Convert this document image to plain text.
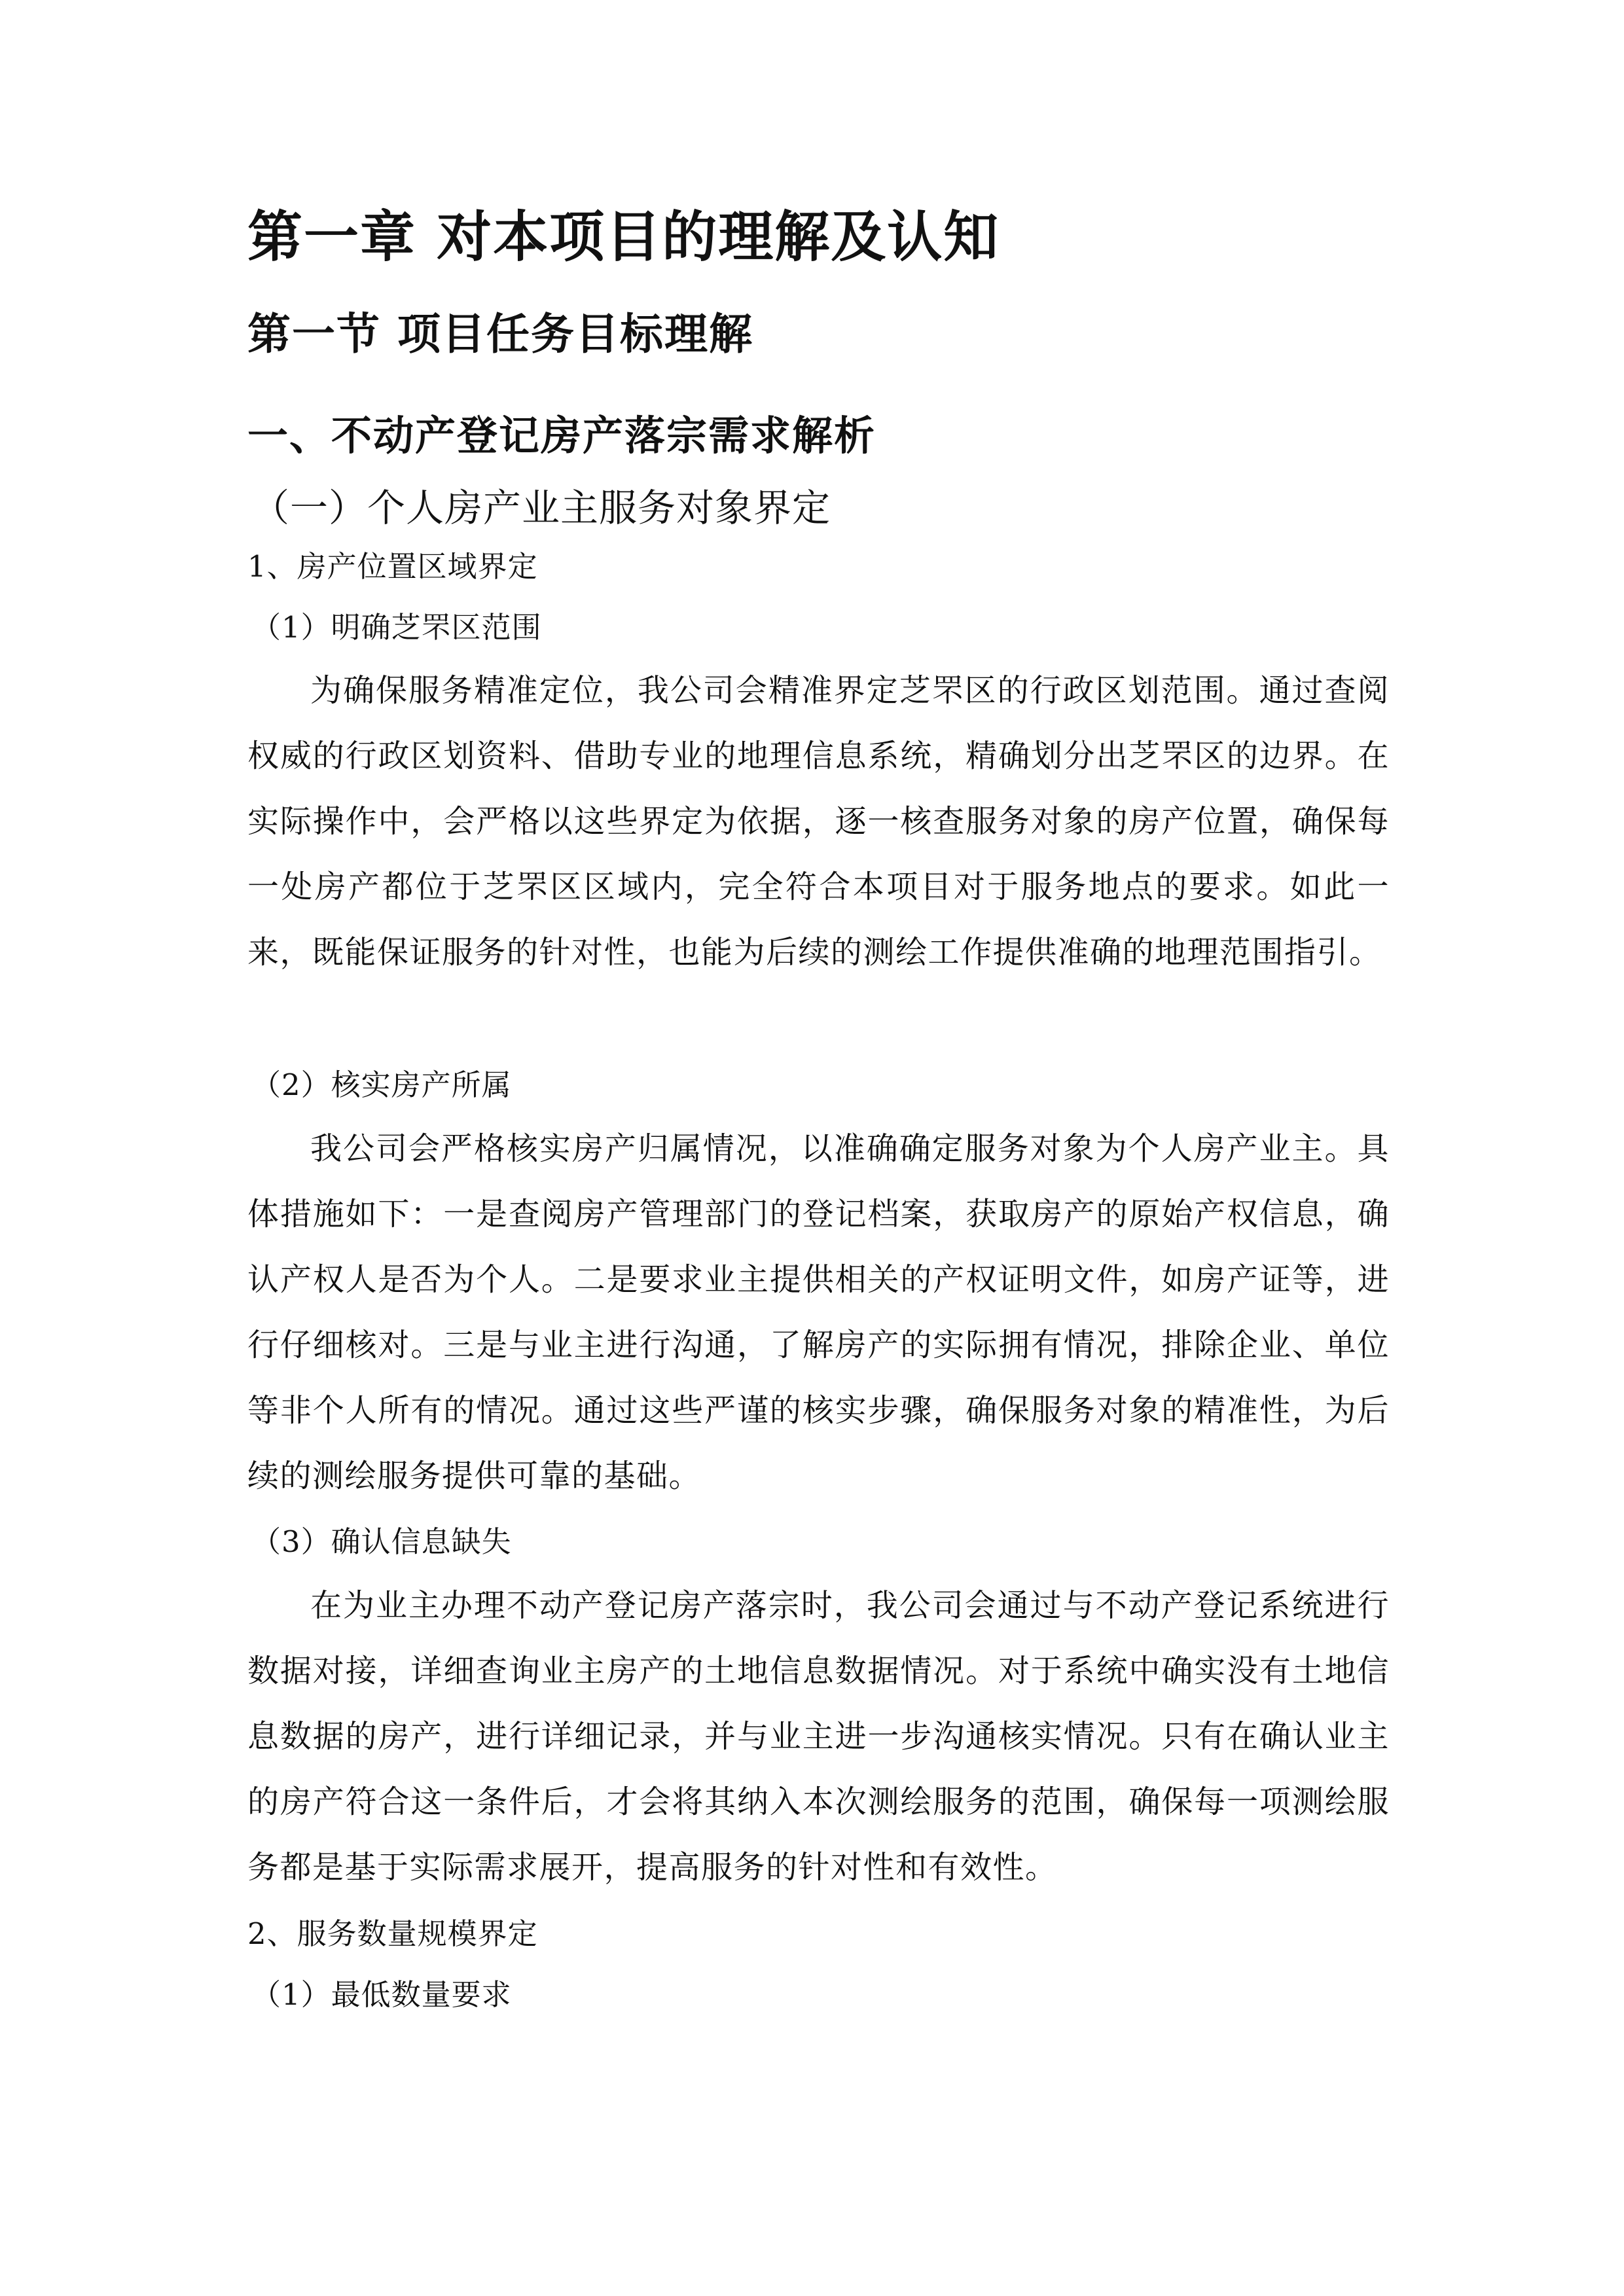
第一章 对本项目的理解及认知
第一节 项目任务目标理解
一、不动产登记房产落宗需求解析
（一）个人房产业主服务对象界定
1、房产位置区域界定
（1）明确芝罘区范围

为确保服务精准定位，我公司会精准界定芝罘区的行政区划范围。通过查阅权威的行政区划资料、借助专业的地理信息系统，精确划分出芝罘区的边界。在实际操作中，会严格以这些界定为依据，逐一核查服务对象的房产位置，确保每一处房产都位于芝罘区区域内，完全符合本项目对于服务地点的要求。如此一来，既能保证服务的针对性，也能为后续的测绘工作提供准确的地理范围指引。

（2）核实房产所属

我公司会严格核实房产归属情况，以准确确定服务对象为个人房产业主。具体措施如下：一是查阅房产管理部门的登记档案，获取房产的原始产权信息，确认产权人是否为个人。二是要求业主提供相关的产权证明文件，如房产证等，进行仔细核对。三是与业主进行沟通，了解房产的实际拥有情况，排除企业、单位等非个人所有的情况。通过这些严谨的核实步骤，确保服务对象的精准性，为后续的测绘服务提供可靠的基础。

（3）确认信息缺失

在为业主办理不动产登记房产落宗时，我公司会通过与不动产登记系统进行数据对接，详细查询业主房产的土地信息数据情况。对于系统中确实没有土地信息数据的房产，进行详细记录，并与业主进一步沟通核实情况。只有在确认业主的房产符合这一条件后，才会将其纳入本次测绘服务的范围，确保每一项测绘服务都是基于实际需求展开，提高服务的针对性和有效性。

2、服务数量规模界定
（1）最低数量要求
